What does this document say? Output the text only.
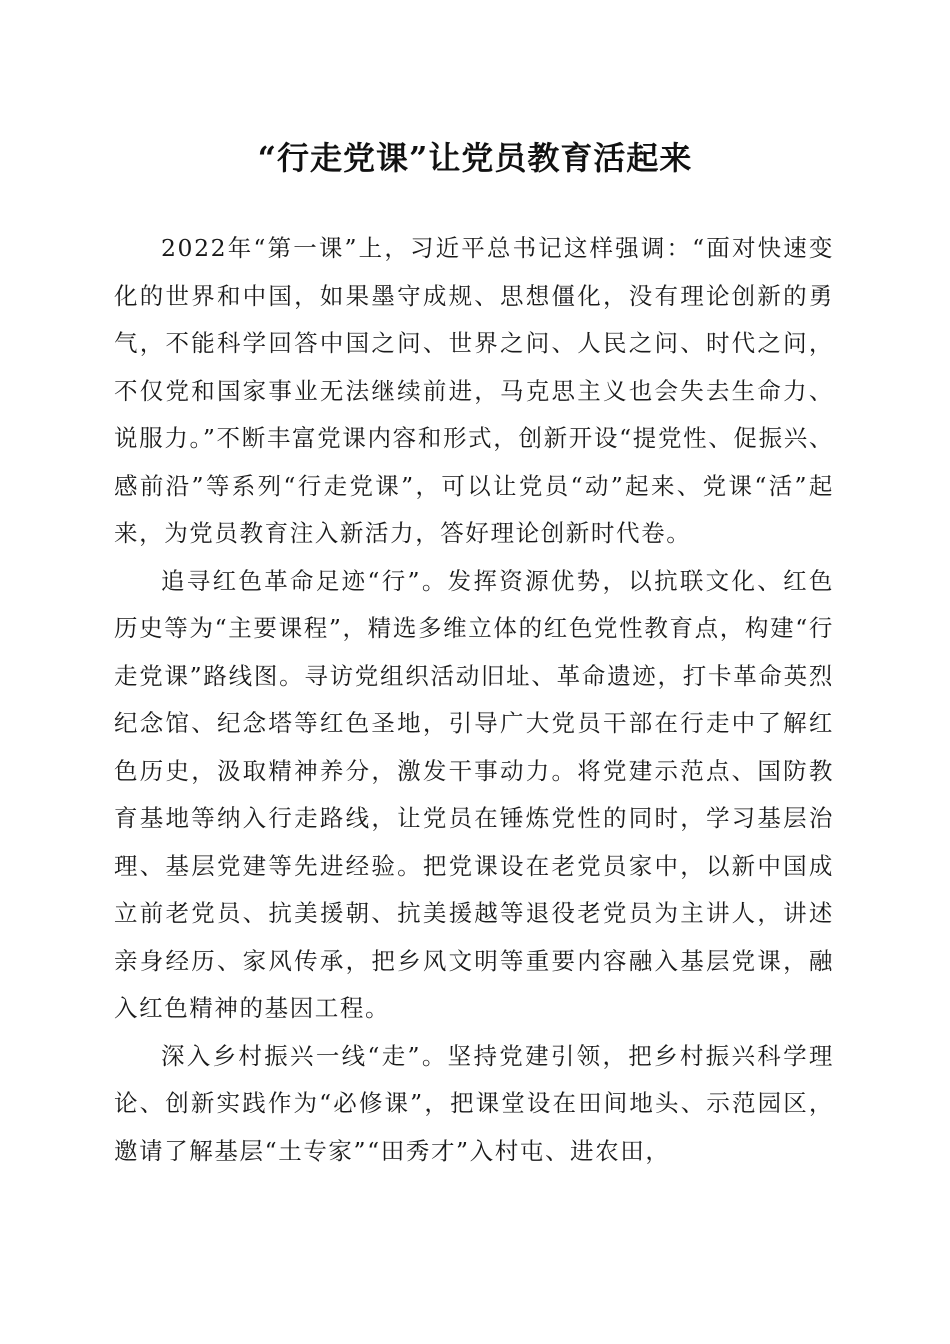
“行走党课”让党员教育活起来

2022年“第一课”上，习近平总书记这样强调：“面对快速变化的世界和中国，如果墨守成规、思想僵化，没有理论创新的勇气，不能科学回答中国之问、世界之问、人民之问、时代之问，不仅党和国家事业无法继续前进，马克思主义也会失去生命力、说服力。”不断丰富党课内容和形式，创新开设“提党性、促振兴、感前沿”等系列“行走党课”，可以让党员“动”起来、党课“活”起来，为党员教育注入新活力，答好理论创新时代卷。

追寻红色革命足迹“行”。发挥资源优势，以抗联文化、红色历史等为“主要课程”，精选多维立体的红色党性教育点，构建“行走党课”路线图。寻访党组织活动旧址、革命遗迹，打卡革命英烈纪念馆、纪念塔等红色圣地，引导广大党员干部在行走中了解红色历史，汲取精神养分，激发干事动力。将党建示范点、国防教育基地等纳入行走路线，让党员在锤炼党性的同时，学习基层治理、基层党建等先进经验。把党课设在老党员家中，以新中国成立前老党员、抗美援朝、抗美援越等退役老党员为主讲人，讲述亲身经历、家风传承，把乡风文明等重要内容融入基层党课，融入红色精神的基因工程。

深入乡村振兴一线“走”。坚持党建引领，把乡村振兴科学理论、创新实践作为“必修课”，把课堂设在田间地头、示范园区，邀请了解基层“土专家”“田秀才”入村屯、进农田，
